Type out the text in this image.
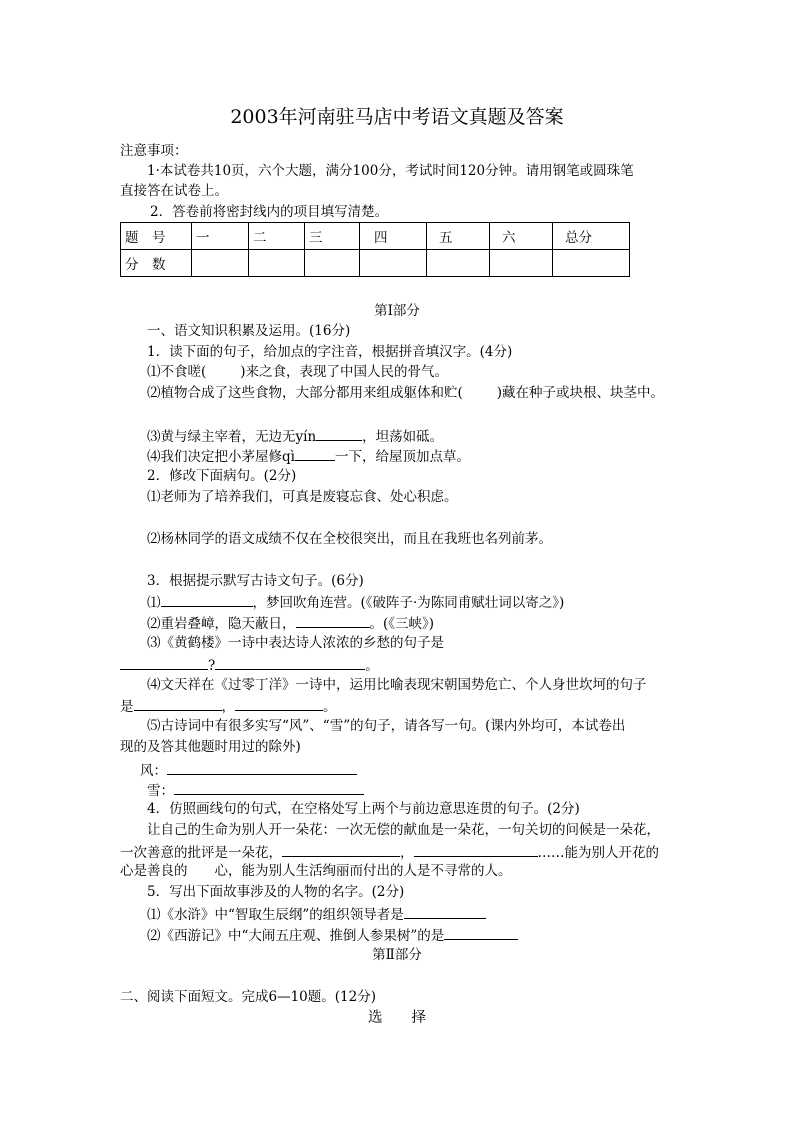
2003年河南驻马店中考语文真题及答案
注意事项：
1·本试卷共10页，六个大题，满分100分，考试时间120分钟。请用钢笔或圆珠笔
直接答在试卷上。
2．答卷前将密封线内的项目填写清楚。
题　号	一	二	三	四	五	六	总分
分　数							
第Ⅰ部分
一、语文知识积累及运用。(16分)
1．读下面的句子，给加点的字注音，根据拼音填汉字。(4分)
⑴不食嗟(	)来之食，表现了中国人民的骨气。
⑵植物合成了这些食物，大部分都用来组成躯体和贮(	)藏在种子或块根、块茎中。
⑶黄与绿主宰着，无边无yín	，坦荡如砥。
⑷我们决定把小茅屋修qì	一下，给屋顶加点草。
2．修改下面病句。(2分)
⑴老师为了培养我们，可真是废寝忘食、处心积虑。
⑵杨林同学的语文成绩不仅在全校很突出，而且在我班也名列前茅。
3．根据提示默写古诗文句子。(6分)
⑴	，梦回吹角连营。(《破阵子·为陈同甫赋壮词以寄之》)
⑵重岩叠嶂，隐天蔽日，	。(《三峡》)
⑶《黄鹤楼》一诗中表达诗人浓浓的乡愁的句子是
?	。
⑷文天祥在《过零丁洋》一诗中，运用比喻表现宋朝国势危亡、个人身世坎坷的句子
是	，	。
⑸古诗词中有很多实写“风”、“雪”的句子，请各写一句。(课内外均可，本试卷出
现的及答其他题时用过的除外)
风：
雪：
4．仿照画线句的句式，在空格处写上两个与前边意思连贯的句子。(2分)
让自己的生命为别人开一朵花：一次无偿的献血是一朵花，一句关切的问候是一朵花，
一次善意的批评是一朵花，	，	……能为别人开花的
心是善良的　　心，能为别人生活绚丽而付出的人是不寻常的人。
5．写出下面故事涉及的人物的名字。(2分)
⑴《水浒》中“智取生辰纲”的组织领导者是
⑵《西游记》中“大闹五庄观、推倒人参果树”的是
第Ⅱ部分
二、阅读下面短文。完成6—10题。(12分)
选　　择
